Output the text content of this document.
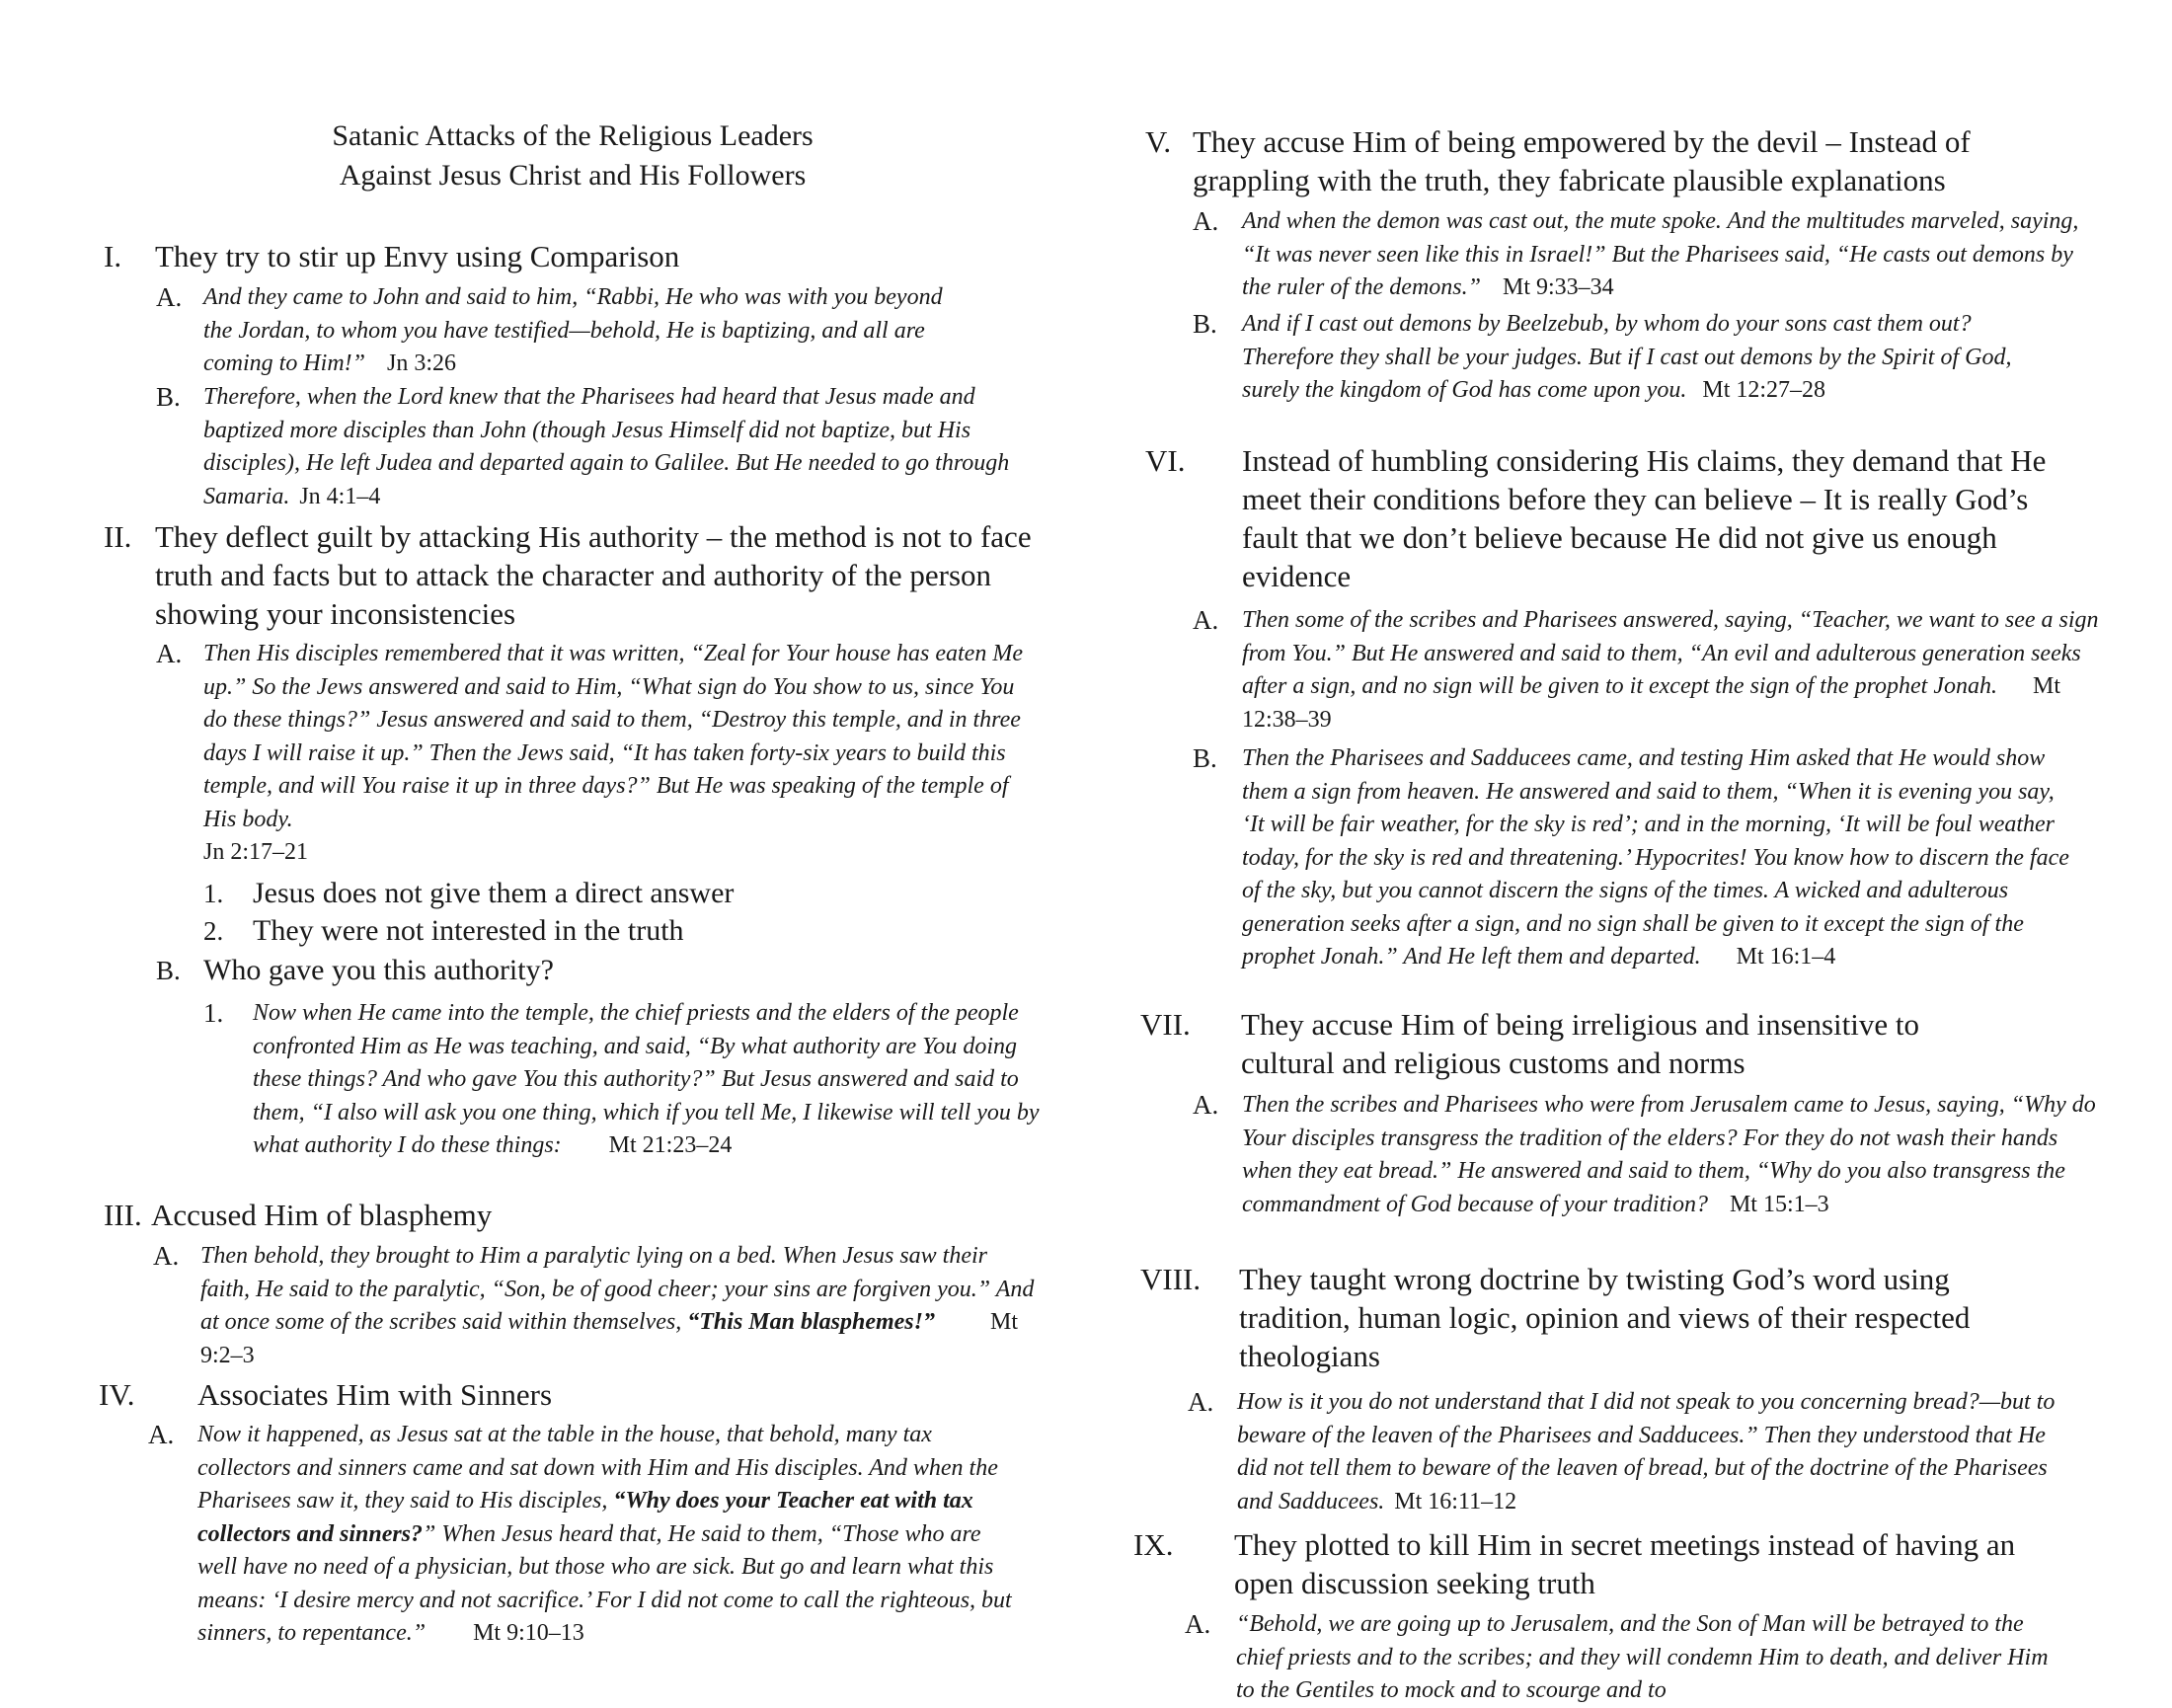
Satanic Attacks of the Religious Leaders
Against Jesus Christ and His Followers
I. They try to stir up Envy using Comparison
A. And they came to John and said to him, “Rabbi, He who was with you beyond the Jordan, to whom you have testified—behold, He is baptizing, and all are coming to Him!” Jn 3:26
B. Therefore, when the Lord knew that the Pharisees had heard that Jesus made and baptized more disciples than John (though Jesus Himself did not baptize, but His disciples), He left Judea and departed again to Galilee. But He needed to go through Samaria. Jn 4:1–4
II. They deflect guilt by attacking His authority – the method is not to face truth and facts but to attack the character and authority of the person showing your inconsistencies
A. Then His disciples remembered that it was written, “Zeal for Your house has eaten Me up.” So the Jews answered and said to Him, “What sign do You show to us, since You do these things?” Jesus answered and said to them, “Destroy this temple, and in three days I will raise it up.” Then the Jews said, “It has taken forty-six years to build this temple, and will You raise it up in three days?” But He was speaking of the temple of His body.
Jn 2:17–21
1. Jesus does not give them a direct answer
2. They were not interested in the truth
B. Who gave you this authority?
1. Now when He came into the temple, the chief priests and the elders of the people confronted Him as He was teaching, and said, “By what authority are You doing these things? And who gave You this authority?” But Jesus answered and said to them, “I also will ask you one thing, which if you tell Me, I likewise will tell you by what authority I do these things: Mt 21:23–24
III. Accused Him of blasphemy
A. Then behold, they brought to Him a paralytic lying on a bed. When Jesus saw their faith, He said to the paralytic, “Son, be of good cheer; your sins are forgiven you.” And at once some of the scribes said within themselves, “This Man blasphemes!” Mt 9:2–3
IV. Associates Him with Sinners
A. Now it happened, as Jesus sat at the table in the house, that behold, many tax collectors and sinners came and sat down with Him and His disciples. And when the Pharisees saw it, they said to His disciples, “Why does your Teacher eat with tax collectors and sinners?” When Jesus heard that, He said to them, “Those who are well have no need of a physician, but those who are sick. But go and learn what this means: ‘I desire mercy and not sacrifice.’ For I did not come to call the righteous, but sinners, to repentance.” Mt 9:10–13
V. They accuse Him of being empowered by the devil – Instead of grappling with the truth, they fabricate plausible explanations
A. And when the demon was cast out, the mute spoke. And the multitudes marveled, saying, “It was never seen like this in Israel!” But the Pharisees said, “He casts out demons by the ruler of the demons.” Mt 9:33–34
B. And if I cast out demons by Beelzebub, by whom do your sons cast them out? Therefore they shall be your judges. But if I cast out demons by the Spirit of God, surely the kingdom of God has come upon you. Mt 12:27–28
VI. Instead of humbling considering His claims, they demand that He meet their conditions before they can believe – It is really God’s fault that we don’t believe because He did not give us enough evidence
A. Then some of the scribes and Pharisees answered, saying, “Teacher, we want to see a sign from You.” But He answered and said to them, “An evil and adulterous generation seeks after a sign, and no sign will be given to it except the sign of the prophet Jonah. Mt 12:38–39
B. Then the Pharisees and Sadducees came, and testing Him asked that He would show them a sign from heaven. He answered and said to them, “When it is evening you say, ‘It will be fair weather, for the sky is red’; and in the morning, ‘It will be foul weather today, for the sky is red and threatening.’ Hypocrites! You know how to discern the face of the sky, but you cannot discern the signs of the times. A wicked and adulterous generation seeks after a sign, and no sign shall be given to it except the sign of the prophet Jonah.” And He left them and departed. Mt 16:1–4
VII. They accuse Him of being irreligious and insensitive to cultural and religious customs and norms
A. Then the scribes and Pharisees who were from Jerusalem came to Jesus, saying, “Why do Your disciples transgress the tradition of the elders? For they do not wash their hands when they eat bread.” He answered and said to them, “Why do you also transgress the commandment of God because of your tradition? Mt 15:1–3
VIII. They taught wrong doctrine by twisting God’s word using tradition, human logic, opinion and views of their respected theologians
A. How is it you do not understand that I did not speak to you concerning bread?—but to beware of the leaven of the Pharisees and Sadducees.” Then they understood that He did not tell them to beware of the leaven of bread, but of the doctrine of the Pharisees and Sadducees. Mt 16:11–12
IX. They plotted to kill Him in secret meetings instead of having an open discussion seeking truth
A. “Behold, we are going up to Jerusalem, and the Son of Man will be betrayed to the chief priests and to the scribes; and they will condemn Him to death, and deliver Him to the Gentiles to mock and to scourge and to
